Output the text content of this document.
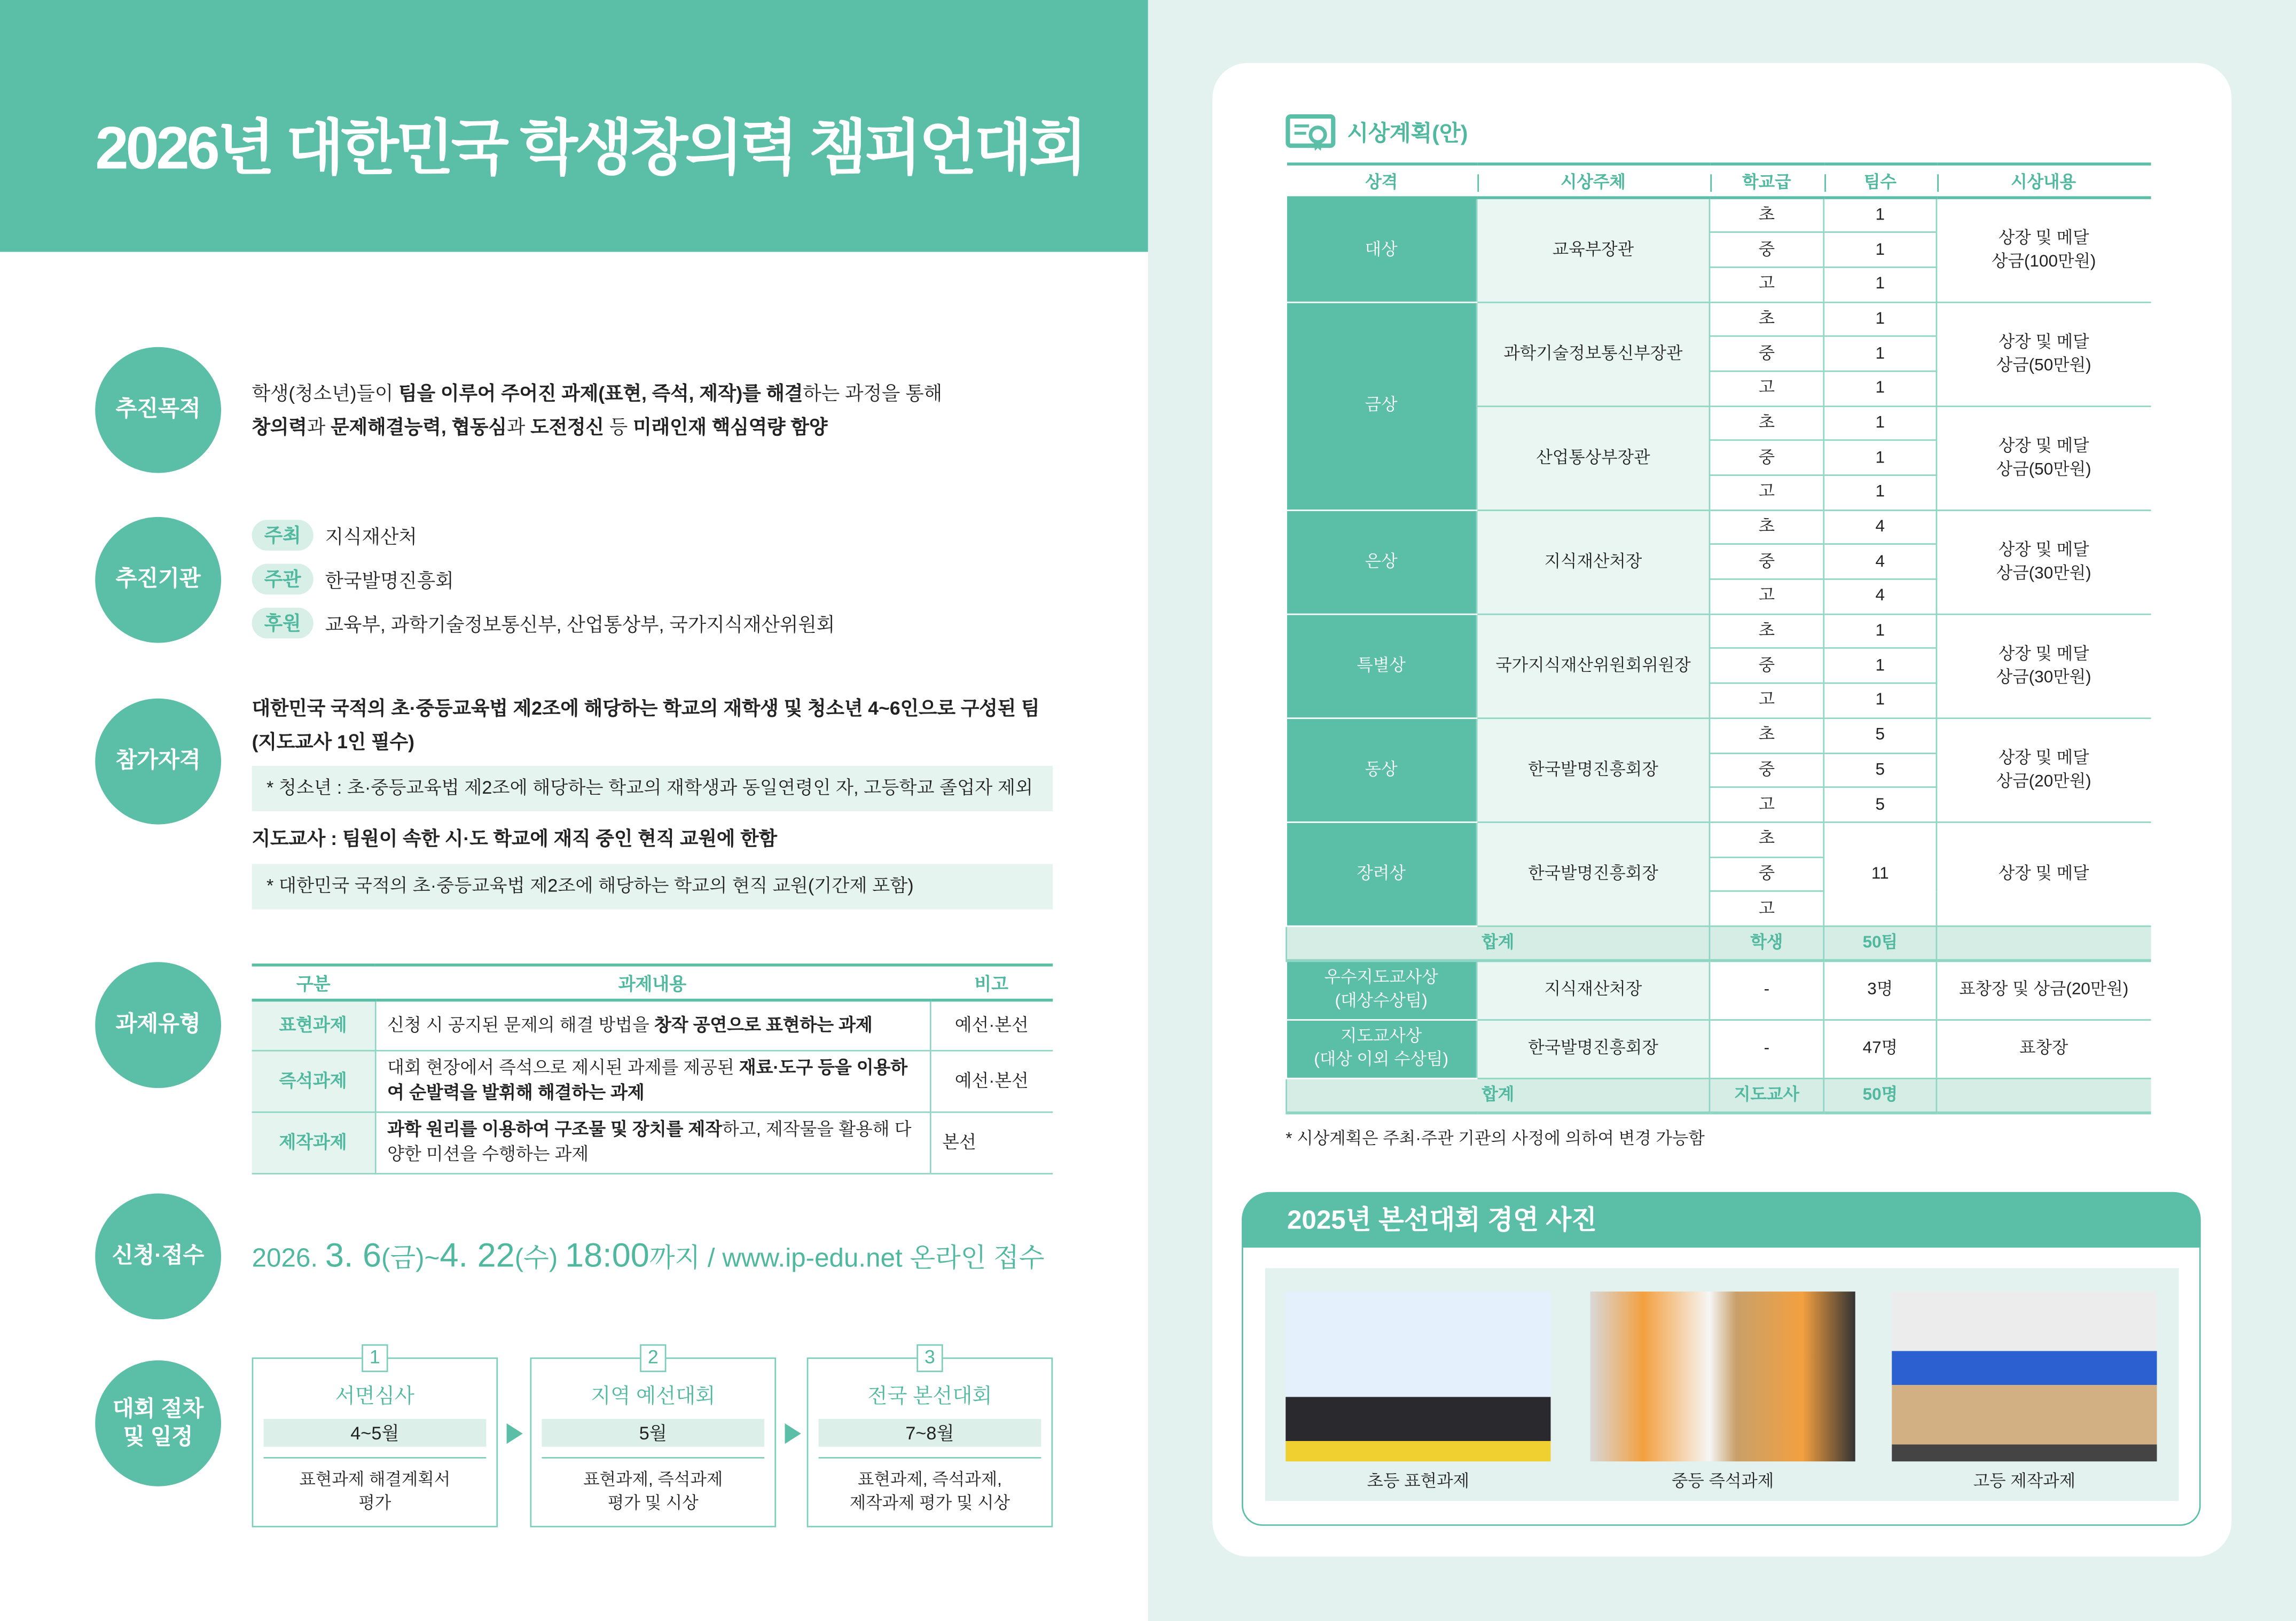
2026년 대한민국 학생창의력 챔피언대회
추진목적
추진기관
참가자격
과제유형
신청·접수
대회 절차 및 일정
학생(청소년)들이 팀을 이루어 주어진 과제(표현, 즉석, 제작)를 해결하는 과정을 통해
창의력과 문제해결능력, 협동심과 도전정신 등 미래인재 핵심역량 함양
주최	지식재산처
주관	한국발명진흥회
후원	교육부, 과학기술정보통신부, 산업통상부, 국가지식재산위원회
대한민국 국적의 초·중등교육법 제2조에 해당하는 학교의 재학생 및 청소년 4~6인으로 구성된 팀
(지도교사 1인 필수)
* 청소년 : 초·중등교육법 제2조에 해당하는 학교의 재학생과 동일연령인 자, 고등학교 졸업자 제외
지도교사 : 팀원이 속한 시·도 학교에 재직 중인 현직 교원에 한함
* 대한민국 국적의 초·중등교육법 제2조에 해당하는 학교의 현직 교원(기간제 포함)
구분	과제내용	비고
표현과제	신청 시 공지된 문제의 해결 방법을 창작 공연으로 표현하는 과제	예선·본선
즉석과제	대회 현장에서 즉석으로 제시된 과제를 제공된 재료·도구 등을 이용하여 순발력을 발휘해 해결하는 과제	예선·본선
제작과제	과학 원리를 이용하여 구조물 및 장치를 제작하고, 제작물을 활용해 다양한 미션을 수행하는 과제	본선
2026. 3. 6(금)~4. 22(수) 18:00까지 / www.ip-edu.net 온라인 접수
1
서면심사
4~5월
표현과제 해결계획서
평가
2
지역 예선대회
5월
표현과제, 즉석과제
평가 및 시상
3
전국 본선대회
7~8월
표현과제, 즉석과제,
제작과제 평가 및 시상
시상계획(안)
상격	시상주체	학교급	팀수	시상내용
대상	교육부장관	초	1	상장 및 메달
상금(100만원)

		중	1	
		고	1	
금상	과학기술정보통신부장관	초	1	상장 및 메달
상금(50만원)

		중	1	
		고	1	
	산업통상부장관	초	1	상장 및 메달
상금(50만원)

		중	1	
		고	1	
은상	지식재산처장	초	4	상장 및 메달
상금(30만원)

		중	4	
		고	4	
특별상	국가지식재산위원회위원장	초	1	상장 및 메달
상금(30만원)

		중	1	
		고	1	
동상	한국발명진흥회장	초	5	상장 및 메달
상금(20만원)

		중	5	
		고	5	
장려상	한국발명진흥회장	초	11	상장 및 메달

		중		
		고		
합계		학생	50팀	

우수지도교사상
(대상수상팀)	지식재산처장	-	3명	표창장 및 상금(20만원)

지도교사상
(대상 이외 수상팀)	한국발명진흥회장	-	47명	표창장
합계		지도교사	50명	
* 시상계획은 주최·주관 기관의 사정에 의하여 변경 가능함
2025년 본선대회 경연 사진
초등 표현과제	중등 즉석과제	고등 제작과제
